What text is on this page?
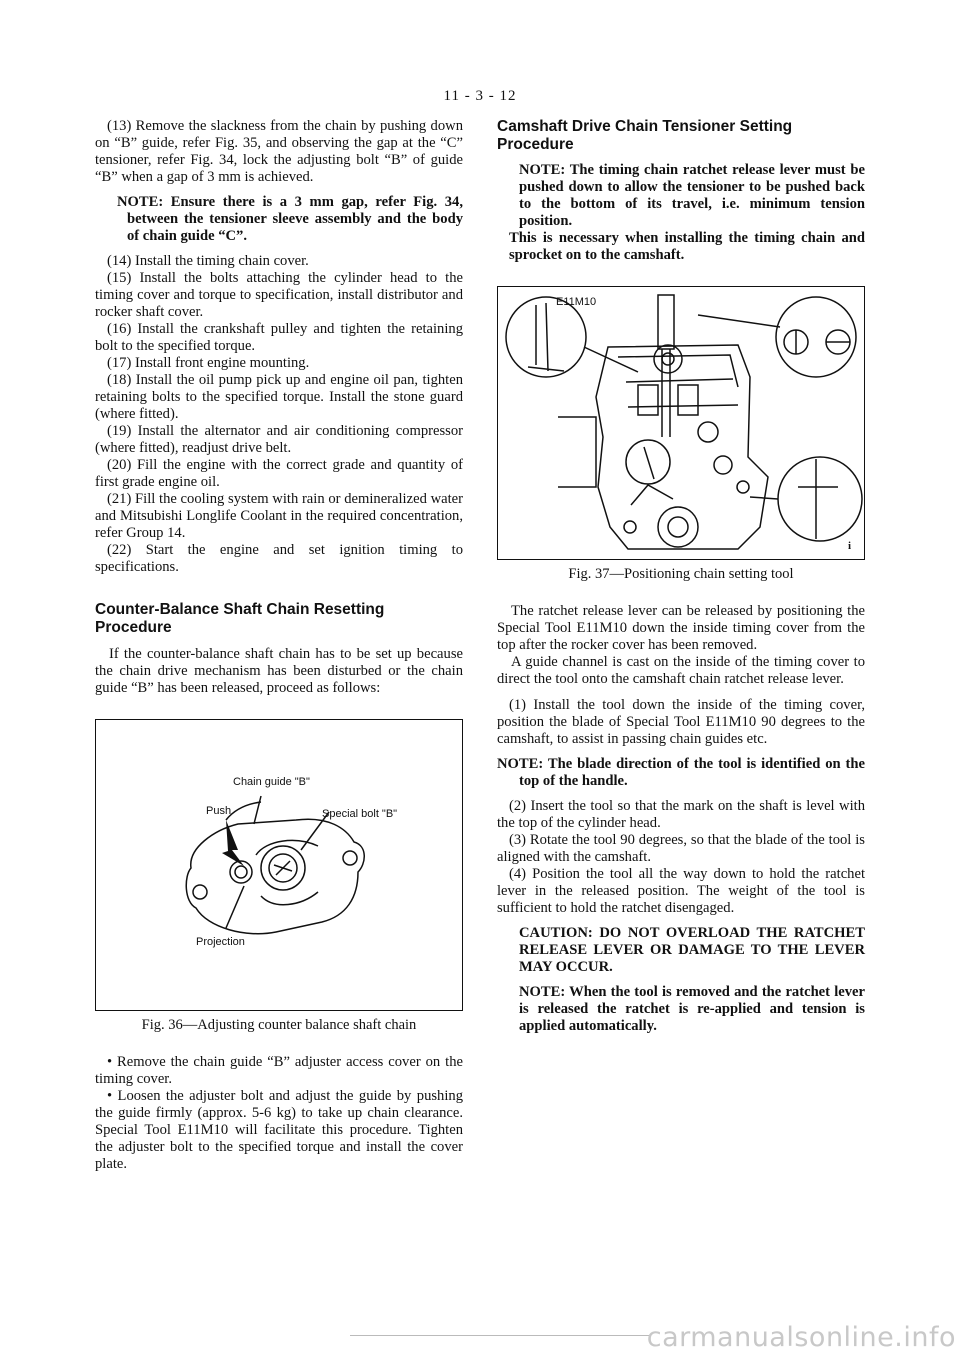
11 - 3 - 12

(13) Remove the slackness from the chain by pushing down on “B” guide, refer Fig. 35, and observing the gap at the “C” tensioner, refer Fig. 34, lock the adjusting bolt “B” of guide “B” when a gap of 3 mm is achieved.

NOTE: Ensure there is a 3 mm gap, refer Fig. 34, between the tensioner sleeve assembly and the body of chain guide “C”.

(14) Install the timing chain cover.

(15) Install the bolts attaching the cylinder head to the timing cover and torque to specification, install distributor and rocker shaft cover.

(16) Install the crankshaft pulley and tighten the retaining bolt to the specified torque.

(17) Install front engine mounting.

(18) Install the oil pump pick up and engine oil pan, tighten retaining bolts to the specified torque. Install the stone guard (where fitted).

(19) Install the alternator and air conditioning compressor (where fitted), readjust drive belt.

(20) Fill the engine with the correct grade and quantity of first grade engine oil.

(21) Fill the cooling system with rain or demineralized water and Mitsubishi Longlife Coolant in the required concentration, refer Group 14.

(22) Start the engine and set ignition timing to specifications.

Counter-Balance Shaft Chain Resetting Procedure

If the counter-balance shaft chain has to be set up because the chain drive mechanism has been disturbed or the chain guide “B” has been released, proceed as follows:

Chain guide "B"
Push	Special bolt "B"
Projection
Fig. 36—Adjusting counter balance shaft chain

• Remove the chain guide “B” adjuster access cover on the timing cover.

• Loosen the adjuster bolt and adjust the guide by pushing the guide firmly (approx. 5-6 kg) to take up chain clearance. Special Tool E11M10 will facilitate this procedure. Tighten the adjuster bolt to the specified torque and install the cover plate.

Camshaft Drive Chain Tensioner Setting Procedure

NOTE: The timing chain ratchet release lever must be pushed down to allow the tensioner to be pushed back to the bottom of its travel, i.e. minimum tension position.

This is necessary when installing the timing chain and sprocket on to the camshaft.

E11M10
i
Fig. 37—Positioning chain setting tool

The ratchet release lever can be released by positioning the Special Tool E11M10 down the inside timing cover from the top after the rocker cover has been removed.

A guide channel is cast on the inside of the timing cover to direct the tool onto the camshaft chain ratchet release lever.

(1) Install the tool down the inside of the timing cover, position the blade of Special Tool E11M10 90 degrees to the camshaft, to assist in passing chain guides etc.

NOTE: The blade direction of the tool is identified on the top of the handle.

(2) Insert the tool so that the mark on the shaft is level with the top of the cylinder head.

(3) Rotate the tool 90 degrees, so that the blade of the tool is aligned with the camshaft.

(4) Position the tool all the way down to hold the ratchet lever in the released position. The weight of the tool is sufficient to hold the ratchet disengaged.

CAUTION: DO NOT OVERLOAD THE RATCHET RELEASE LEVER OR DAMAGE TO THE LEVER MAY OCCUR.

NOTE: When the tool is removed and the ratchet lever is released the ratchet is re-applied and tension is applied automatically.

carmanualsonline.info
